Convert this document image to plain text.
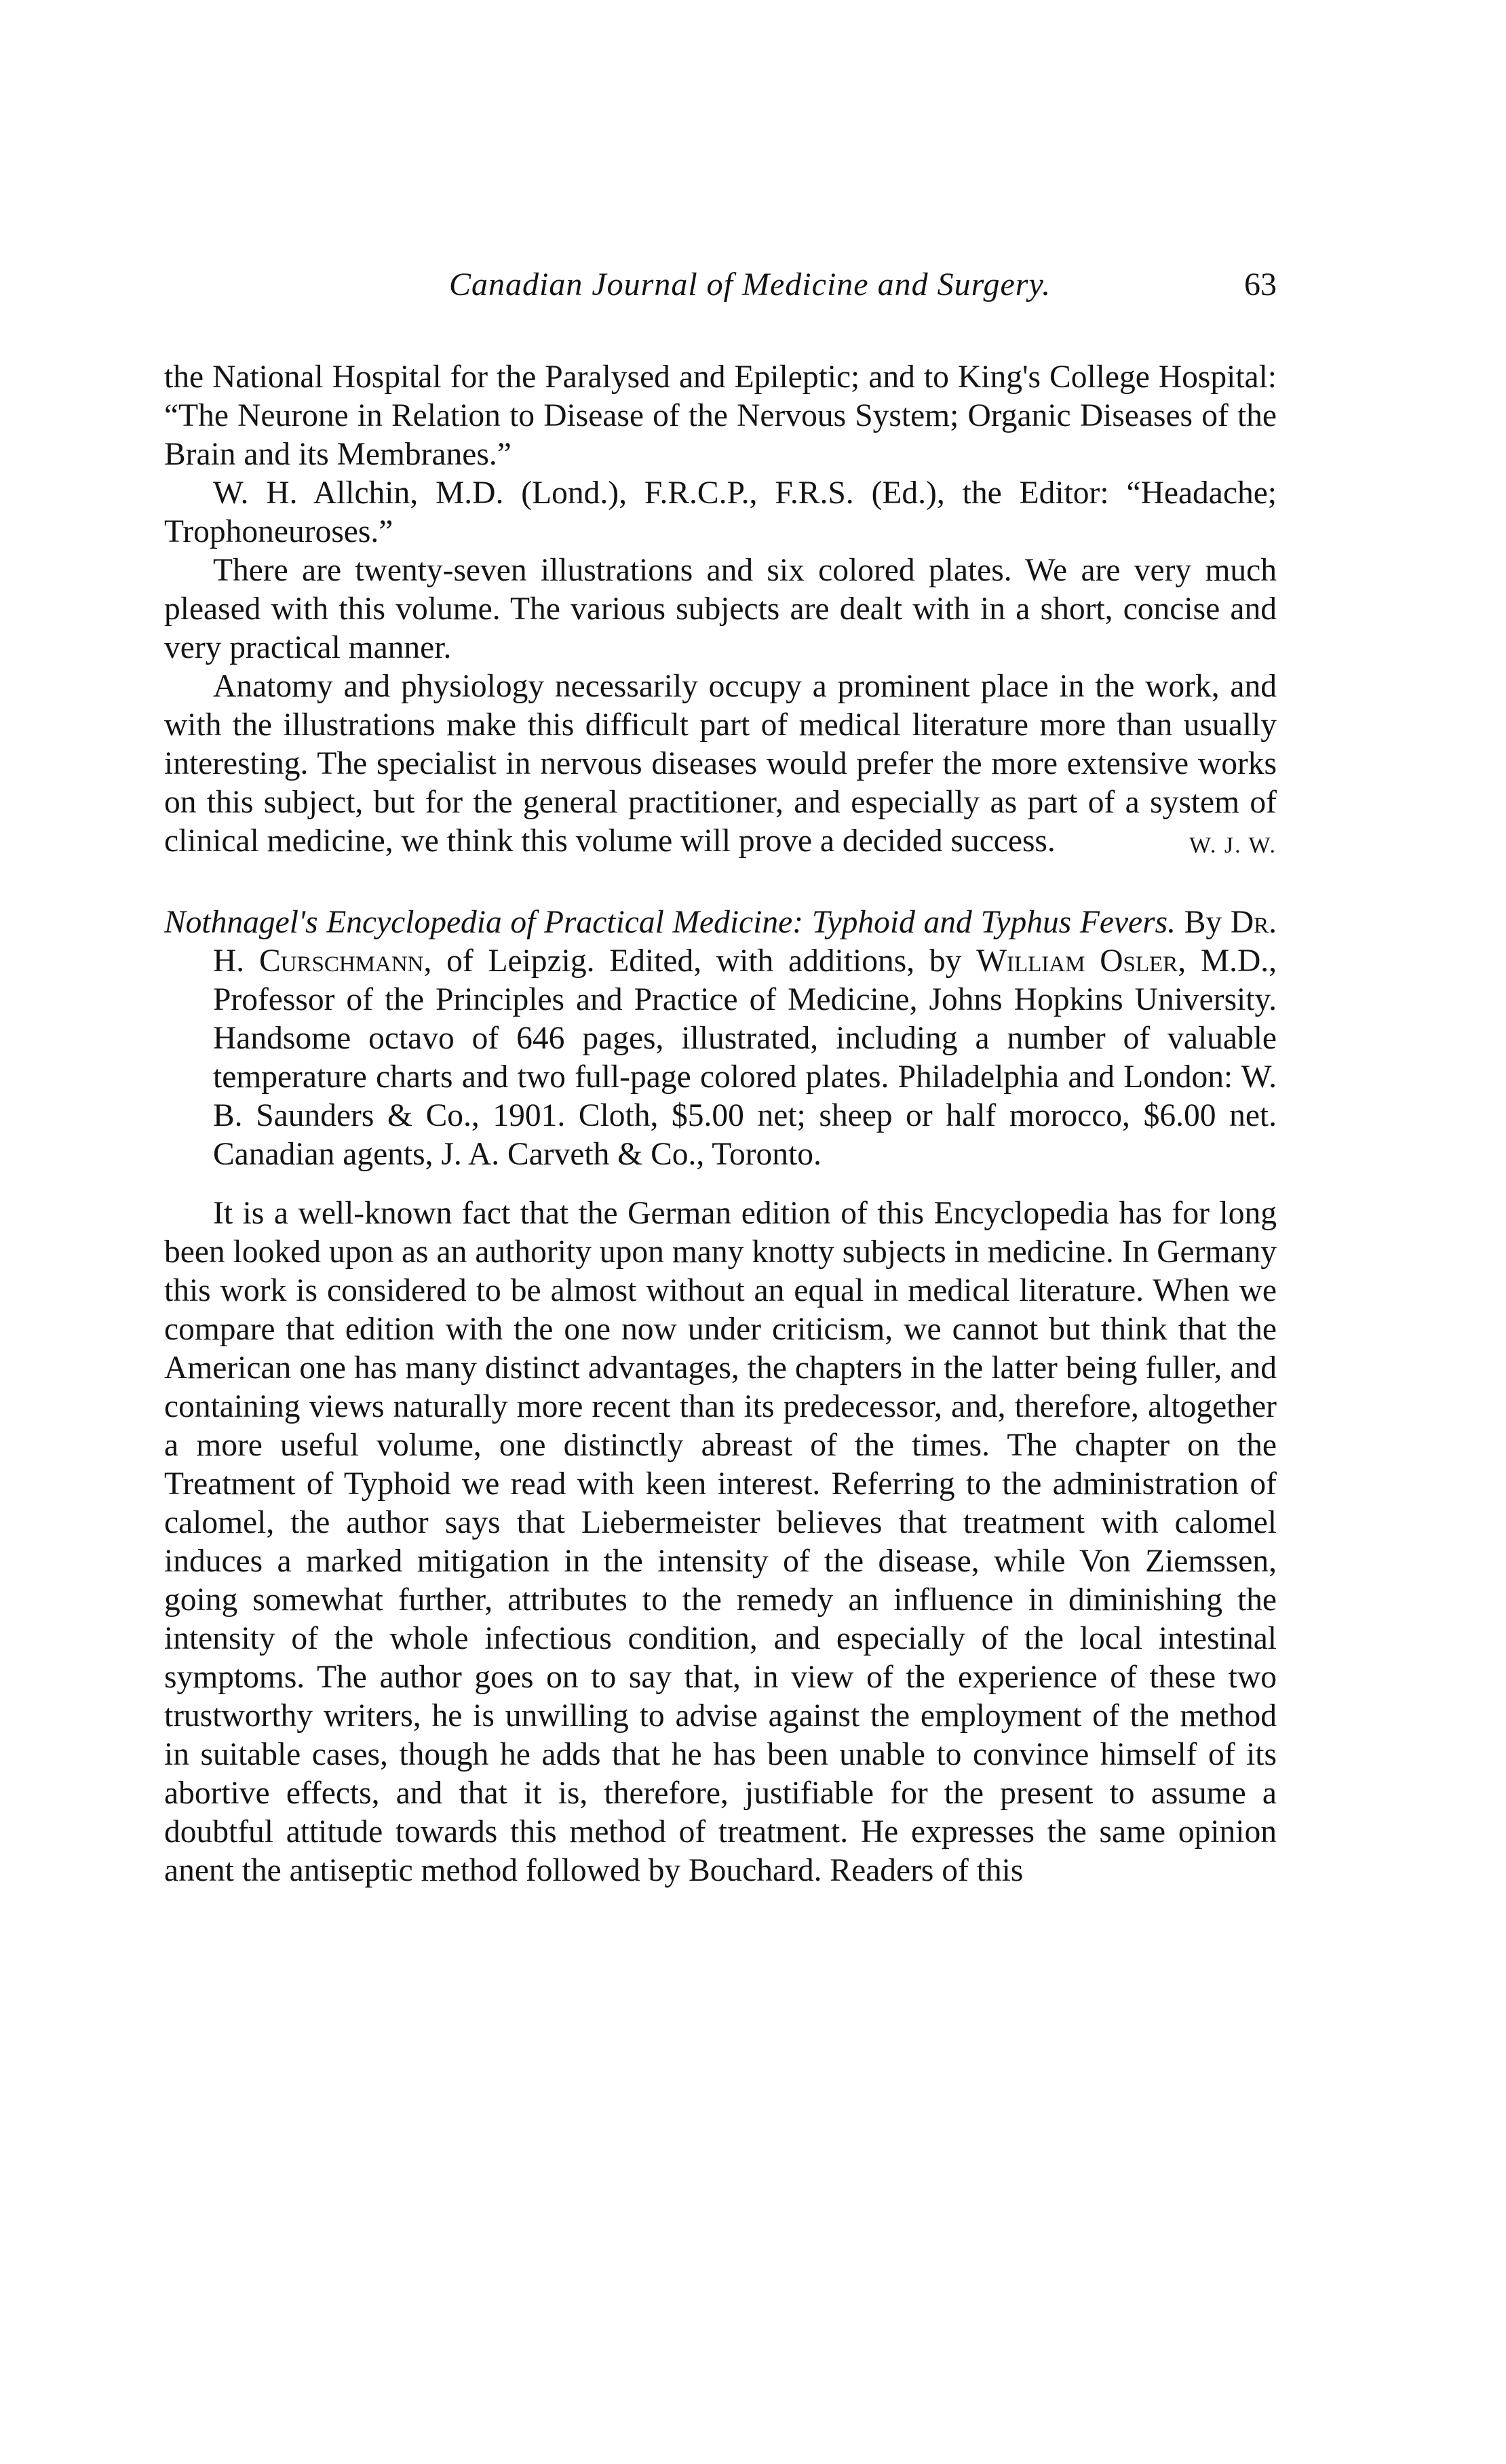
Canadian Journal of Medicine and Surgery.	63

the National Hospital for the Paralysed and Epileptic; and to King's College Hospital: “The Neurone in Relation to Disease of the Nervous System; Organic Diseases of the Brain and its Membranes.”

W. H. Allchin, M.D. (Lond.), F.R.C.P., F.R.S. (Ed.), the Editor: “Headache; Trophoneuroses.”

There are twenty-seven illustrations and six colored plates. We are very much pleased with this volume. The various subjects are dealt with in a short, concise and very practical manner.

Anatomy and physiology necessarily occupy a prominent place in the work, and with the illustrations make this difficult part of medical literature more than usually interesting. The specialist in nervous diseases would prefer the more extensive works on this subject, but for the general practitioner, and especially as part of a system of clinical medicine, we think this volume will prove a decided success.	W. J. W.

Nothnagel's Encyclopedia of Practical Medicine: Typhoid and Typhus Fevers. By Dr. H. Curschmann, of Leipzig. Edited, with additions, by William Osler, M.D., Professor of the Principles and Practice of Medicine, Johns Hopkins University. Handsome octavo of 646 pages, illustrated, including a number of valuable temperature charts and two full-page colored plates. Philadelphia and London: W. B. Saunders & Co., 1901. Cloth, $5.00 net; sheep or half morocco, $6.00 net. Canadian agents, J. A. Carveth & Co., Toronto.

It is a well-known fact that the German edition of this Encyclopedia has for long been looked upon as an authority upon many knotty subjects in medicine. In Germany this work is considered to be almost without an equal in medical literature. When we compare that edition with the one now under criticism, we cannot but think that the American one has many distinct advantages, the chapters in the latter being fuller, and containing views naturally more recent than its predecessor, and, therefore, altogether a more useful volume, one distinctly abreast of the times. The chapter on the Treatment of Typhoid we read with keen interest. Referring to the administration of calomel, the author says that Liebermeister believes that treatment with calomel induces a marked mitigation in the intensity of the disease, while Von Ziemssen, going somewhat further, attributes to the remedy an influence in diminishing the intensity of the whole infectious condition, and especially of the local intestinal symptoms. The author goes on to say that, in view of the experience of these two trustworthy writers, he is unwilling to advise against the employment of the method in suitable cases, though he adds that he has been unable to convince himself of its abortive effects, and that it is, therefore, justifiable for the present to assume a doubtful attitude towards this method of treatment. He expresses the same opinion anent the antiseptic method followed by Bouchard. Readers of this
